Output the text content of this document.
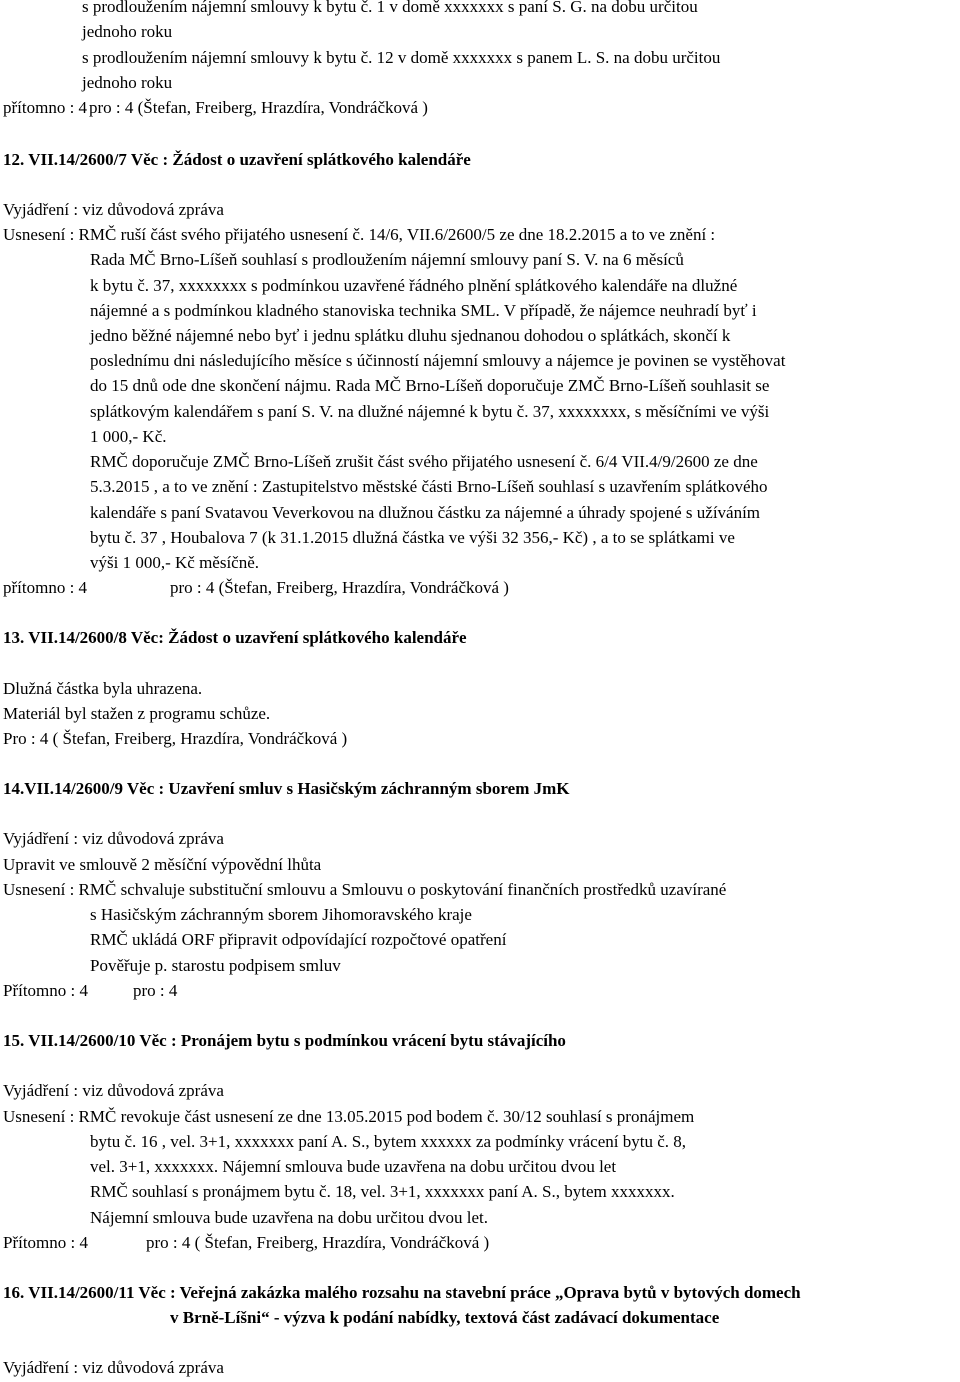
s prodloužením nájemní smlouvy k bytu č. 1 v domě xxxxxxx s paní S. G. na dobu určitou
jednoho roku
s prodloužením nájemní smlouvy k bytu č. 12 v domě xxxxxxx s panem L. S. na dobu určitou
jednoho roku
přítomno : 4 pro : 4 (Štefan, Freiberg, Hrazdíra, Vondráčková )
12. VII.14/2600/7 Věc : Žádost o uzavření splátkového kalendáře
Vyjádření : viz důvodová zpráva
Usnesení : RMČ ruší část svého přijatého usnesení č. 14/6, VII.6/2600/5 ze dne 18.2.2015 a to ve znění :
Rada MČ Brno-Líšeň souhlasí s prodloužením nájemní smlouvy paní S. V. na 6 měsíců
k bytu č. 37, xxxxxxxx s podmínkou uzavřené řádného plnění splátkového kalendáře na dlužné
nájemné a s podmínkou kladného stanoviska technika SML. V případě, že nájemce neuhradí byť i
jedno běžné nájemné nebo byť i jednu splátku dluhu sjednanou dohodou o splátkách, skončí k
poslednímu dni následujícího měsíce s účinností nájemní smlouvy a nájemce je povinen se vystěhovat
do 15 dnů ode dne skončení nájmu. Rada MČ Brno-Líšeň doporučuje ZMČ Brno-Líšeň souhlasit se
splátkovým kalendářem s paní S. V. na dlužné nájemné k bytu č. 37, xxxxxxxx, s měsíčními ve výši
1 000,- Kč.
RMČ doporučuje ZMČ Brno-Líšeň zrušit část svého přijatého usnesení č. 6/4 VII.4/9/2600 ze dne
5.3.2015 , a to ve znění : Zastupitelstvo městské části Brno-Líšeň souhlasí s uzavřením splátkového
kalendáře s paní Svatavou Veverkovou na dlužnou částku za nájemné a úhrady spojené s užíváním
bytu č. 37 , Houbalova 7 (k 31.1.2015 dlužná částka ve výši 32 356,- Kč) , a to se splátkami ve
výši 1 000,- Kč měsíčně.
přítomno : 4	pro : 4 (Štefan, Freiberg, Hrazdíra, Vondráčková )
13. VII.14/2600/8 Věc: Žádost o uzavření splátkového kalendáře
Dlužná částka byla uhrazena.
Materiál byl stažen z programu schůze.
Pro : 4 ( Štefan, Freiberg, Hrazdíra, Vondráčková )
14.VII.14/2600/9 Věc : Uzavření smluv s Hasičským záchranným sborem JmK
Vyjádření : viz důvodová zpráva
Upravit ve smlouvě 2 měsíční výpovědní lhůta
Usnesení : RMČ schvaluje substituční smlouvu a Smlouvu o poskytování finančních prostředků uzavírané
s Hasičským záchranným sborem Jihomoravského kraje
RMČ ukládá ORF připravit odpovídající rozpočtové opatření
Pověřuje p. starostu podpisem smluv
Přítomno : 4	pro : 4
15. VII.14/2600/10 Věc : Pronájem bytu s podmínkou vrácení bytu stávajícího
Vyjádření : viz důvodová zpráva
Usnesení : RMČ revokuje část usnesení ze dne 13.05.2015 pod bodem č. 30/12 souhlasí s pronájmem
bytu č. 16 , vel. 3+1, xxxxxxx paní A. S., bytem xxxxxx za podmínky vrácení bytu č. 8,
vel. 3+1, xxxxxxx. Nájemní smlouva bude uzavřena na dobu určitou dvou let
RMČ souhlasí s pronájmem bytu č. 18, vel. 3+1, xxxxxxx paní A. S., bytem xxxxxxx.
Nájemní smlouva bude uzavřena na dobu určitou dvou let.
Přítomno : 4	pro : 4 ( Štefan, Freiberg, Hrazdíra, Vondráčková )
16. VII.14/2600/11 Věc : Veřejná zakázka malého rozsahu na stavební práce „Oprava bytů v bytových domech
v Brně-Líšni“ - výzva k podání nabídky, textová část zadávací dokumentace
Vyjádření : viz důvodová zpráva
